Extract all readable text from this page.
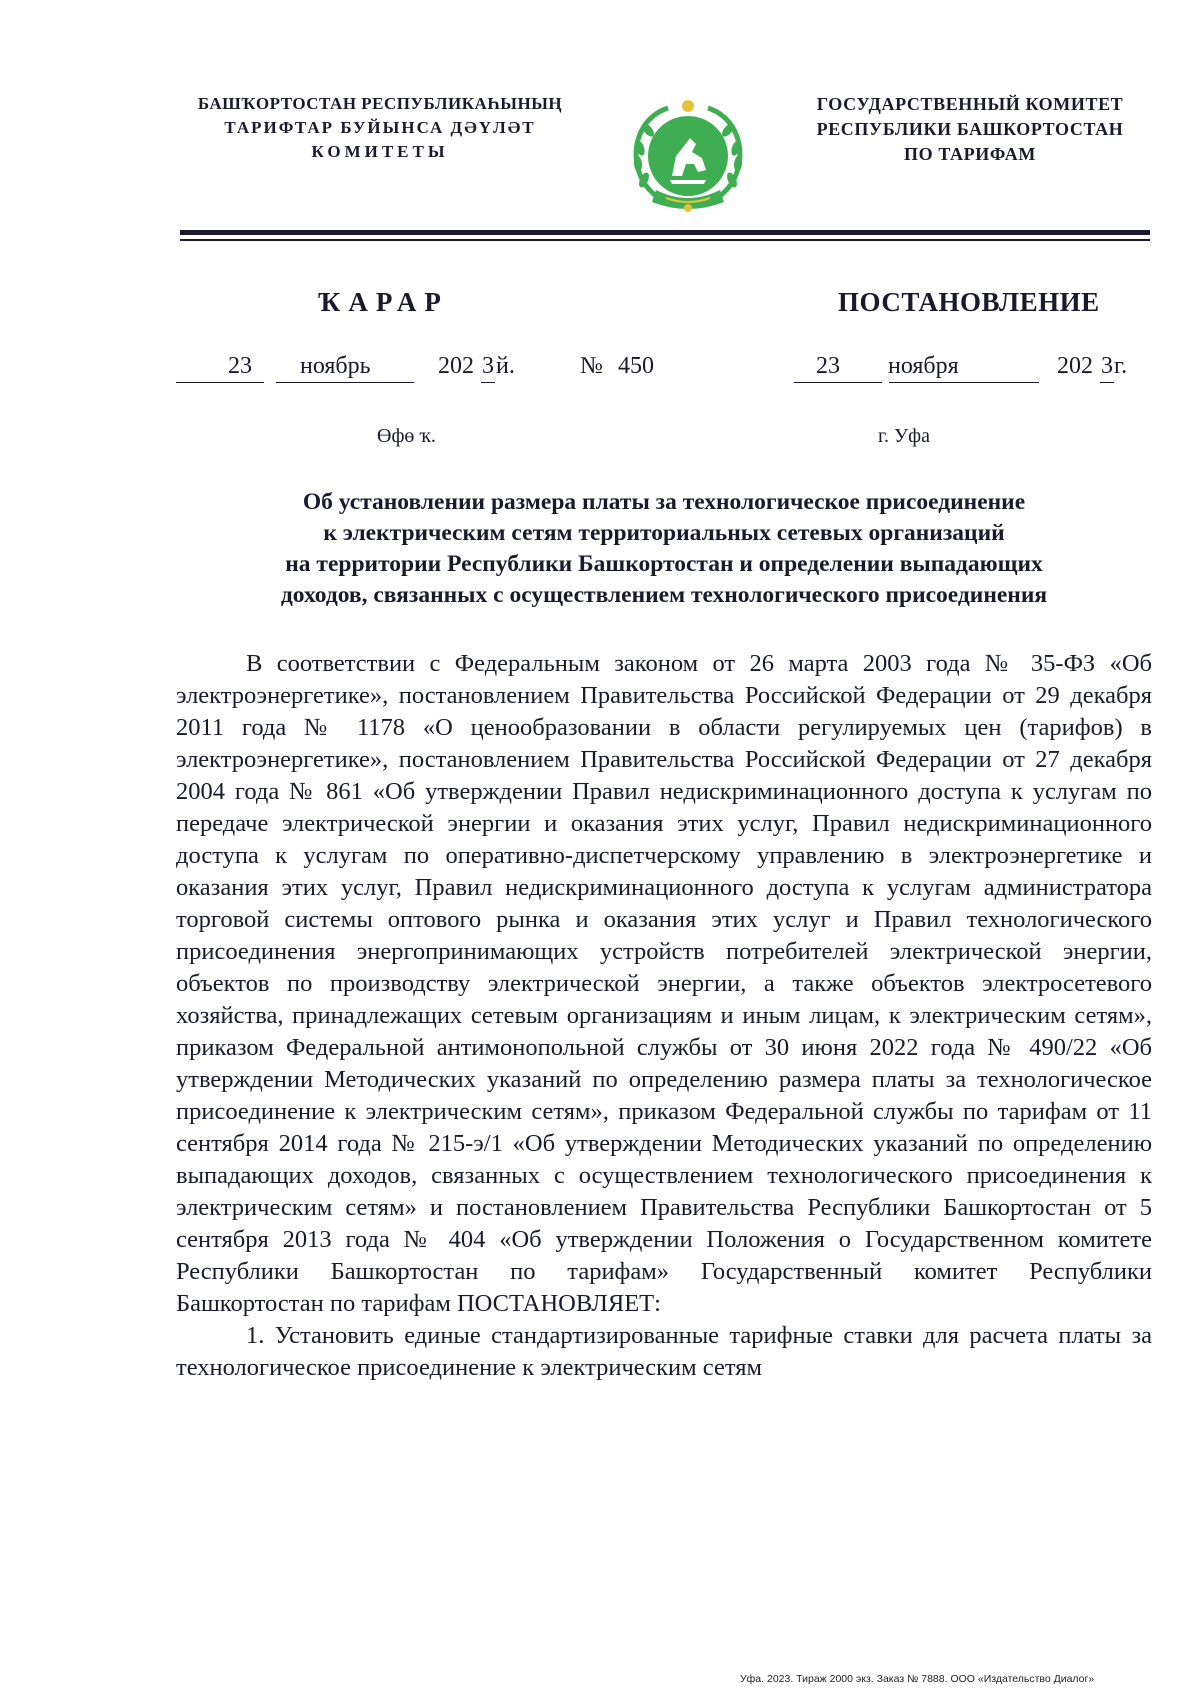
БАШҠОРТОСТАН РЕСПУБЛИКАҺЫНЫҢ
ТАРИФТАР БУЙЫНСА ДӘҮЛӘТ
КОМИТЕТЫ
ГОСУДАРСТВЕННЫЙ КОМИТЕТ
РЕСПУБЛИКИ БАШКОРТОСТАН
ПО ТАРИФАМ
ҠАРАР	ПОСТАНОВЛЕНИЕ
23 ноябрь	202 3 й.	№ 450	23 ноября	202 3 г.
Өфө ҡ.	г. Уфа
Об установлении размера платы за технологическое присоединение
к электрическим сетям территориальных сетевых организаций
на территории Республики Башкортостан и определении выпадающих
доходов, связанных с осуществлением технологического присоединения

В соответствии с Федеральным законом от 26 марта 2003 года № 35-ФЗ «Об электроэнергетике», постановлением Правительства Российской Федерации от 29 декабря 2011 года № 1178 «О ценообразовании в области регулируемых цен (тарифов) в электроэнергетике», постановлением Правительства Российской Федерации от 27 декабря 2004 года № 861 «Об утверждении Правил недискриминационного доступа к услугам по передаче электрической энергии и оказания этих услуг, Правил недискриминационного доступа к услугам по оперативно-диспетчерскому управлению в электроэнергетике и оказания этих услуг, Правил недискриминационного доступа к услугам администратора торговой системы оптового рынка и оказания этих услуг и Правил технологического присоединения энергопринимающих устройств потребителей электрической энергии, объектов по производству электрической энергии, а также объектов электросетевого хозяйства, принадлежащих сетевым организациям и иным лицам, к электрическим сетям», приказом Федеральной антимонопольной службы от 30 июня 2022 года № 490/22 «Об утверждении Методических указаний по определению размера платы за технологическое присоединение к электрическим сетям», приказом Федеральной службы по тарифам от 11 сентября 2014 года № 215-э/1 «Об утверждении Методических указаний по определению выпадающих доходов, связанных с осуществлением технологического присоединения к электрическим сетям» и постановлением Правительства Республики Башкортостан от 5 сентября 2013 года № 404 «Об утверждении Положения о Государственном комитете Республики Башкортостан по тарифам» Государственный комитет Республики Башкортостан по тарифам ПОСТАНОВЛЯЕТ:

1. Установить единые стандартизированные тарифные ставки для расчета платы за технологическое присоединение к электрическим сетям

Уфа. 2023. Тираж 2000 экз. Заказ № 7888. ООО «Издательство Диалог»
